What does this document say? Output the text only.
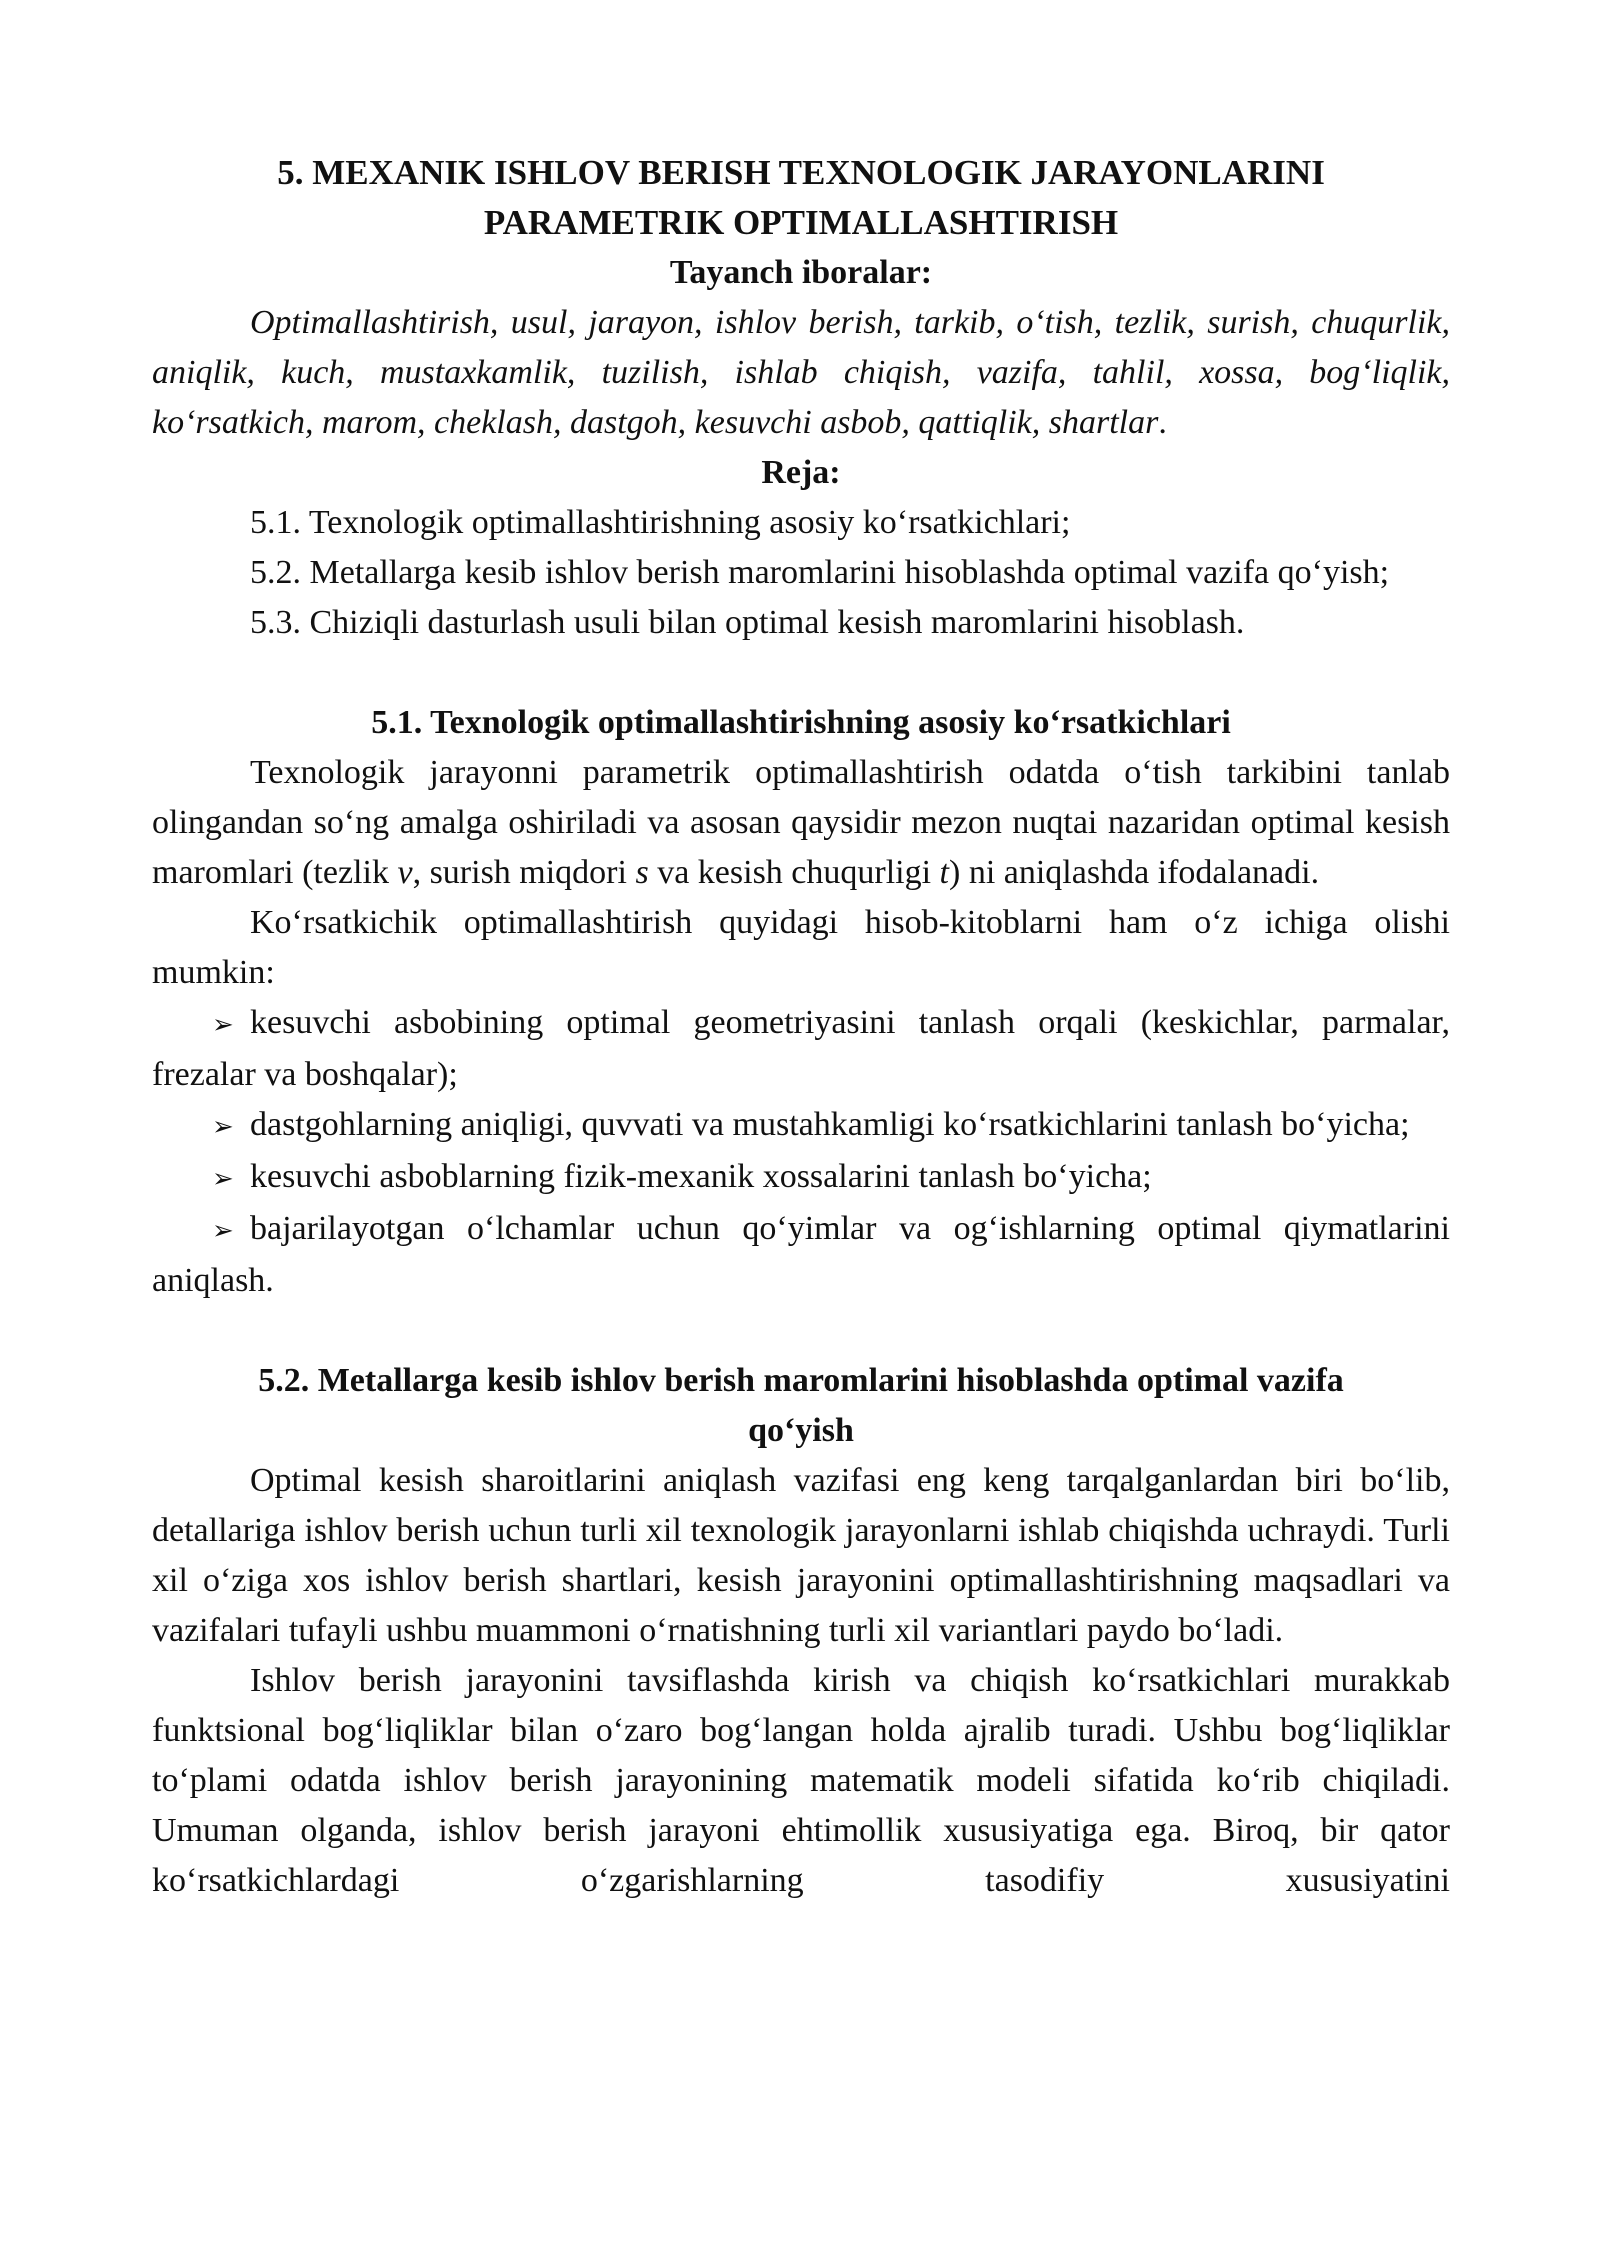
5. MEXANIK ISHLOV BERISH TEXNOLOGIK JARAYONLARINI

PARAMETRIK OPTIMALLASHTIRISH

Tayanch iboralar:

Optimallashtirish, usul, jarayon, ishlov berish, tarkib, o‘tish, tezlik, surish, chuqurlik, aniqlik, kuch, mustaxkamlik, tuzilish, ishlab chiqish, vazifa, tahlil, xossa, bog‘liqlik, ko‘rsatkich, marom, cheklash, dastgoh, kesuvchi asbob, qattiqlik, shartlar.

Reja:

5.1. Texnologik optimallashtirishning asosiy ko‘rsatkichlari;

5.2. Metallarga kesib ishlov berish maromlarini hisoblashda optimal vazifa qo‘yish;

5.3. Chiziqli dasturlash usuli bilan optimal kesish maromlarini hisoblash.

5.1. Texnologik optimallashtirishning asosiy ko‘rsatkichlari

Texnologik jarayonni parametrik optimallashtirish odatda o‘tish tarkibini tanlab olingandan so‘ng amalga oshiriladi va asosan qaysidir mezon nuqtai nazaridan optimal kesish maromlari (tezlik v, surish miqdori s va kesish chuqurligi t) ni aniqlashda ifodalanadi.

Ko‘rsatkichik optimallashtirish quyidagi hisob-kitoblarni ham o‘z ichiga olishi mumkin:

➢ kesuvchi asbobining optimal geometriyasini tanlash orqali (keskichlar, parmalar, frezalar va boshqalar);

➢ dastgohlarning aniqligi, quvvati va mustahkamligi ko‘rsatkichlarini tanlash bo‘yicha;

➢ kesuvchi asboblarning fizik-mexanik xossalarini tanlash bo‘yicha;

➢ bajarilayotgan o‘lchamlar uchun qo‘yimlar va og‘ishlarning optimal qiymatlarini aniqlash.

5.2. Metallarga kesib ishlov berish maromlarini hisoblashda optimal vazifa

qo‘yish

Optimal kesish sharoitlarini aniqlash vazifasi eng keng tarqalganlardan biri bo‘lib, detallariga ishlov berish uchun turli xil texnologik jarayonlarni ishlab chiqishda uchraydi. Turli xil o‘ziga xos ishlov berish shartlari, kesish jarayonini optimallashtirishning maqsadlari va vazifalari tufayli ushbu muammoni o‘rnatishning turli xil variantlari paydo bo‘ladi.

Ishlov berish jarayonini tavsiflashda kirish va chiqish ko‘rsatkichlari murakkab funktsional bog‘liqliklar bilan o‘zaro bog‘langan holda ajralib turadi. Ushbu bog‘liqliklar to‘plami odatda ishlov berish jarayonining matematik modeli sifatida ko‘rib chiqiladi. Umuman olganda, ishlov berish jarayoni ehtimollik xususiyatiga ega. Biroq, bir qator ko‘rsatkichlardagi o‘zgarishlarning tasodifiy xususiyatini
